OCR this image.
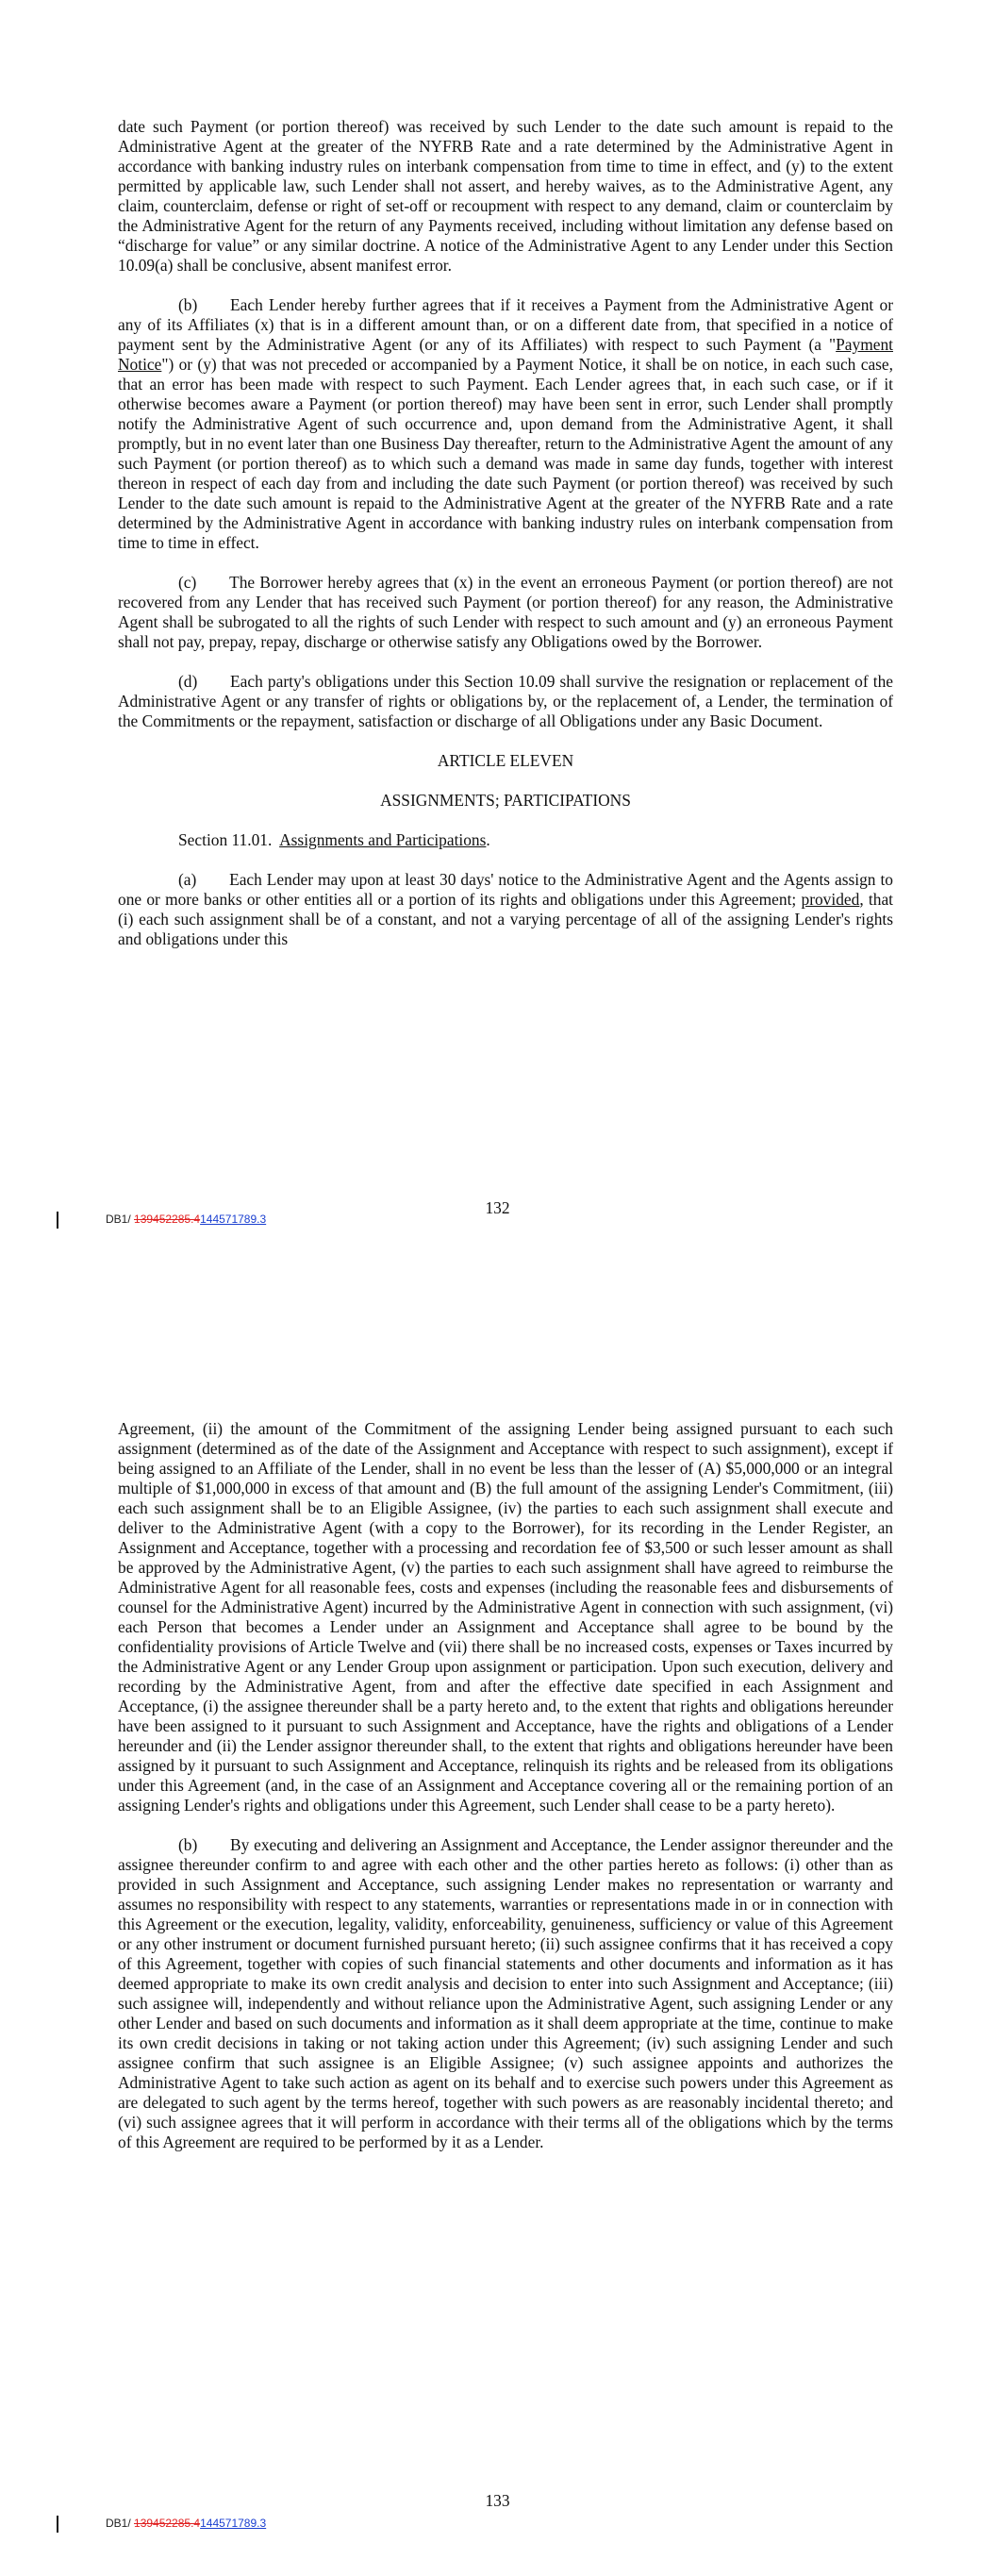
date such Payment (or portion thereof) was received by such Lender to the date such amount is repaid to the Administrative Agent at the greater of the NYFRB Rate and a rate determined by the Administrative Agent in accordance with banking industry rules on interbank compensation from time to time in effect, and (y) to the extent permitted by applicable law, such Lender shall not assert, and hereby waives, as to the Administrative Agent, any claim, counterclaim, defense or right of set-off or recoupment with respect to any demand, claim or counterclaim by the Administrative Agent for the return of any Payments received, including without limitation any defense based on “discharge for value” or any similar doctrine. A notice of the Administrative Agent to any Lender under this Section 10.09(a) shall be conclusive, absent manifest error.

(b)  Each Lender hereby further agrees that if it receives a Payment from the Administrative Agent or any of its Affiliates (x) that is in a different amount than, or on a different date from, that specified in a notice of payment sent by the Administrative Agent (or any of its Affiliates) with respect to such Payment (a "Payment Notice") or (y) that was not preceded or accompanied by a Payment Notice, it shall be on notice, in each such case, that an error has been made with respect to such Payment. Each Lender agrees that, in each such case, or if it otherwise becomes aware a Payment (or portion thereof) may have been sent in error, such Lender shall promptly notify the Administrative Agent of such occurrence and, upon demand from the Administrative Agent, it shall promptly, but in no event later than one Business Day thereafter, return to the Administrative Agent the amount of any such Payment (or portion thereof) as to which such a demand was made in same day funds, together with interest thereon in respect of each day from and including the date such Payment (or portion thereof) was received by such Lender to the date such amount is repaid to the Administrative Agent at the greater of the NYFRB Rate and a rate determined by the Administrative Agent in accordance with banking industry rules on interbank compensation from time to time in effect.

(c)  The Borrower hereby agrees that (x) in the event an erroneous Payment (or portion thereof) are not recovered from any Lender that has received such Payment (or portion thereof) for any reason, the Administrative Agent shall be subrogated to all the rights of such Lender with respect to such amount and (y) an erroneous Payment shall not pay, prepay, repay, discharge or otherwise satisfy any Obligations owed by the Borrower.

(d)  Each party's obligations under this Section 10.09 shall survive the resignation or replacement of the Administrative Agent or any transfer of rights or obligations by, or the replacement of, a Lender, the termination of the Commitments or the repayment, satisfaction or discharge of all Obligations under any Basic Document.

ARTICLE ELEVEN
ASSIGNMENTS; PARTICIPATIONS
Section 11.01. Assignments and Participations.

(a)  Each Lender may upon at least 30 days' notice to the Administrative Agent and the Agents assign to one or more banks or other entities all or a portion of its rights and obligations under this Agreement; provided, that (i) each such assignment shall be of a constant, and not a varying percentage of all of the assigning Lender's rights and obligations under this

132
DB1/ 139452285.4144571789.3

Agreement, (ii) the amount of the Commitment of the assigning Lender being assigned pursuant to each such assignment (determined as of the date of the Assignment and Acceptance with respect to such assignment), except if being assigned to an Affiliate of the Lender, shall in no event be less than the lesser of (A) $5,000,000 or an integral multiple of $1,000,000 in excess of that amount and (B) the full amount of the assigning Lender's Commitment, (iii) each such assignment shall be to an Eligible Assignee, (iv) the parties to each such assignment shall execute and deliver to the Administrative Agent (with a copy to the Borrower), for its recording in the Lender Register, an Assignment and Acceptance, together with a processing and recordation fee of $3,500 or such lesser amount as shall be approved by the Administrative Agent, (v) the parties to each such assignment shall have agreed to reimburse the Administrative Agent for all reasonable fees, costs and expenses (including the reasonable fees and disbursements of counsel for the Administrative Agent) incurred by the Administrative Agent in connection with such assignment, (vi) each Person that becomes a Lender under an Assignment and Acceptance shall agree to be bound by the confidentiality provisions of Article Twelve and (vii) there shall be no increased costs, expenses or Taxes incurred by the Administrative Agent or any Lender Group upon assignment or participation. Upon such execution, delivery and recording by the Administrative Agent, from and after the effective date specified in each Assignment and Acceptance, (i) the assignee thereunder shall be a party hereto and, to the extent that rights and obligations hereunder have been assigned to it pursuant to such Assignment and Acceptance, have the rights and obligations of a Lender hereunder and (ii) the Lender assignor thereunder shall, to the extent that rights and obligations hereunder have been assigned by it pursuant to such Assignment and Acceptance, relinquish its rights and be released from its obligations under this Agreement (and, in the case of an Assignment and Acceptance covering all or the remaining portion of an assigning Lender's rights and obligations under this Agreement, such Lender shall cease to be a party hereto).

(b)  By executing and delivering an Assignment and Acceptance, the Lender assignor thereunder and the assignee thereunder confirm to and agree with each other and the other parties hereto as follows: (i) other than as provided in such Assignment and Acceptance, such assigning Lender makes no representation or warranty and assumes no responsibility with respect to any statements, warranties or representations made in or in connection with this Agreement or the execution, legality, validity, enforceability, genuineness, sufficiency or value of this Agreement or any other instrument or document furnished pursuant hereto; (ii) such assignee confirms that it has received a copy of this Agreement, together with copies of such financial statements and other documents and information as it has deemed appropriate to make its own credit analysis and decision to enter into such Assignment and Acceptance; (iii) such assignee will, independently and without reliance upon the Administrative Agent, such assigning Lender or any other Lender and based on such documents and information as it shall deem appropriate at the time, continue to make its own credit decisions in taking or not taking action under this Agreement; (iv) such assigning Lender and such assignee confirm that such assignee is an Eligible Assignee; (v) such assignee appoints and authorizes the Administrative Agent to take such action as agent on its behalf and to exercise such powers under this Agreement as are delegated to such agent by the terms hereof, together with such powers as are reasonably incidental thereto; and (vi) such assignee agrees that it will perform in accordance with their terms all of the obligations which by the terms of this Agreement are required to be performed by it as a Lender.

133
DB1/ 139452285.4144571789.3
